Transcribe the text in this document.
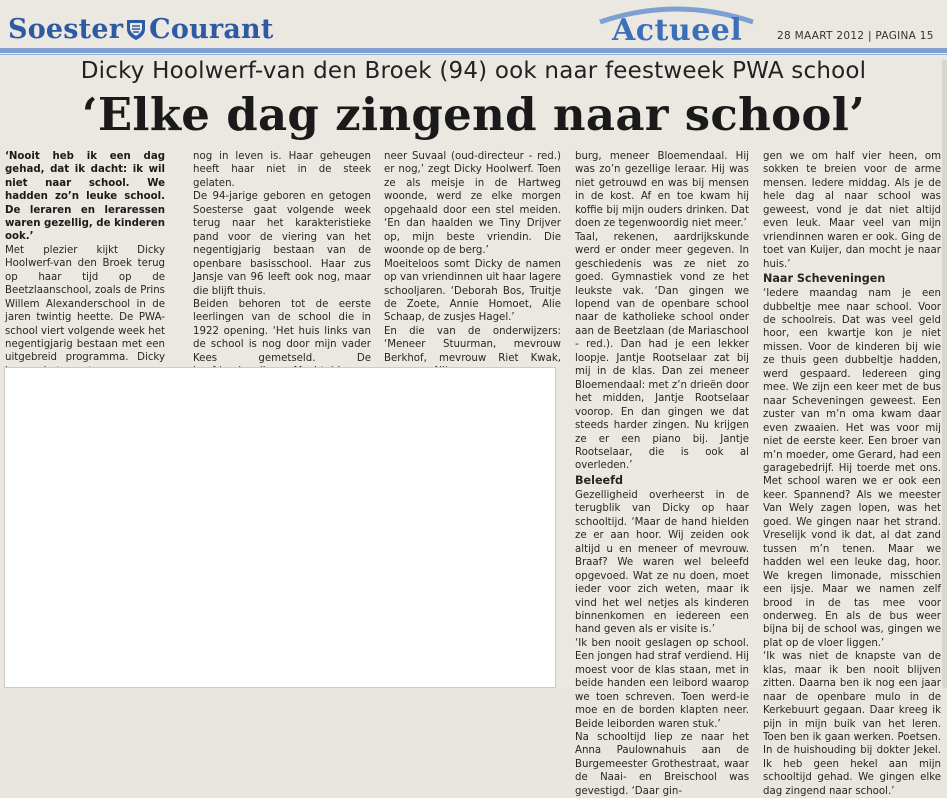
Soester Courant	Actueel	28 MAART 2012 | PAGINA 15
Dicky Hoolwerf-van den Broek (94) ook naar feestweek PWA school
‘Elke dag zingend naar school’

‘Nooit heb ik een dag gehad, dat ik dacht: ik wil niet naar school. We hadden zo’n leuke school. De leraren en leraressen waren gezellig, de kinderen ook.’

Met plezier kijkt Dicky Hoolwerf-van den Broek terug op haar tijd op de Beetzlaanschool, zoals de Prins Willem Alexanderschool in de jaren twintig heette. De PWA-school viert volgende week het negentigjarig bestaan met een uitgebreid programma. Dicky

nog in leven is. Haar geheugen heeft haar niet in de steek gelaten.
De 94-jarige geboren en getogen Soesterse gaat volgende week terug naar het karakteristieke pand voor de viering van het negentigjarig bestaan van de openbare basisschool. Haar zus Jansje van 96 leeft ook nog, maar die blijft thuis.
Beiden behoren tot de eerste leerlingen van de school die in 1922 opening. ‘Het huis links van de school is nog door mijn vader Kees gemetseld. De

neer Suvaal (oud-directeur - red.) er nog,’ zegt Dicky Hoolwerf. Toen ze als meisje in de Hartweg woonde, werd ze elke morgen opgehaald door een stel meiden. ‘En dan haalden we Tiny Drijver op, mijn beste vriendin. Die woonde op de berg.’
Moeiteloos somt Dicky de namen op van vriendinnen uit haar lagere schooljaren. ‘Deborah Bos, Truitje de Zoete, Annie Homoet, Alie Schaap, de zusjes Hagel.’
En die van de onderwijzers: ‘Meneer Stuurman, mevrouw Berkhof, mevrouw Riet Kwak,

burg, meneer Bloemendaal. Hij was zo’n gezellige leraar. Hij was niet getrouwd en was bij mensen in de kost. Af en toe kwam hij koffie bij mijn ouders drinken. Dat doen ze tegenwoordig niet meer.’
Taal, rekenen, aardrijkskunde werd er onder meer gegeven. In geschiedenis was ze niet zo goed. Gymnastiek vond ze het leukste vak. ‘Dan gingen we lopend van de openbare school naar de katholieke school onder aan de Beetzlaan (de Mariaschool - red.). Dan had je een lekker loopje. Jantje Rootselaar zat bij mij in de klas. Dan zei meneer Bloemendaal: met z’n drieën door het midden, Jantje Rootselaar voorop. En dan gingen we dat steeds harder zingen. Nu krijgen ze er een piano bij. Jantje Rootselaar, die is ook al overleden.’

Beleefd

Gezelligheid overheerst in de terugblik van Dicky op haar schooltijd. ‘Maar de hand hielden ze er aan hoor. Wij zeiden ook altijd u en meneer of mevrouw. Braaf? We waren wel beleefd opgevoed. Wat ze nu doen, moet ieder voor zich weten, maar ik vind het wel netjes als kinderen binnenkomen en iedereen een hand geven als er visite is.’
‘Ik ben nooit geslagen op school. Een jongen had straf verdiend. Hij moest voor de klas staan, met in beide handen een leibord waarop we toen schreven. Toen werd-ie moe en de borden klapten neer. Beide leiborden waren stuk.’
Na schooltijd liep ze naar het Anna Paulownahuis aan de Burgemeester Grothestraat, waar de Naai- en Breischool was gevestigd. ‘Daar gin-

gen we om half vier heen, om sokken te breien voor de arme mensen. Iedere middag. Als je de hele dag al naar school was geweest, vond je dat niet altijd even leuk. Maar veel van mijn vriendinnen waren er ook. Ging de toet van Kuijer, dan mocht je naar huis.’

Naar Scheveningen

‘Iedere maandag nam je een dubbeltje mee naar school. Voor de schoolreis. Dat was veel geld hoor, een kwartje kon je niet missen. Voor de kinderen bij wie ze thuis geen dubbeltje hadden, werd gespaard. Iedereen ging mee. We zijn een keer met de bus naar Scheveningen geweest. Een zuster van m’n oma kwam daar even zwaaien. Het was voor mij niet de eerste keer. Een broer van m’n moeder, ome Gerard, had een garagebedrijf. Hij toerde met ons. Met school waren we er ook een keer. Spannend? Als we meester Van Wely zagen lopen, was het goed. We gingen naar het strand. Vreselijk vond ik dat, al dat zand tussen m’n tenen. Maar we hadden wel een leuke dag, hoor. We kregen limonade, misschien een ijsje. Maar we namen zelf brood in de tas mee voor onderweg. En als de bus weer bijna bij de school was, gingen we plat op de vloer liggen.’
‘Ik was niet de knapste van de klas, maar ik ben nooit blijven zitten. Daarna ben ik nog een jaar naar de openbare mulo in de Kerkebuurt gegaan. Daar kreeg ik pijn in mijn buik van het leren. Toen ben ik gaan werken. Poetsen. In de huishouding bij dokter Jekel. Ik heb geen hekel aan mijn schooltijd gehad. We gingen elke dag zingend naar school.’
